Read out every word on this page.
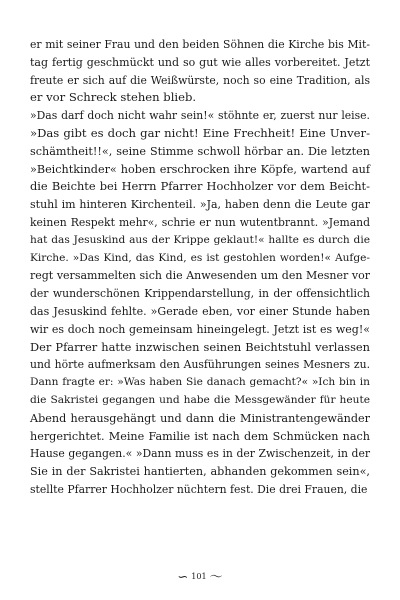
er mit seiner Frau und den beiden Söhnen die Kirche bis Mit-
tag fertig geschmückt und so gut wie alles vorbereitet. Jetzt
freute er sich auf die Weißwürste, noch so eine Tradition, als
er vor Schreck stehen blieb.
»Das darf doch nicht wahr sein!« stöhnte er, zuerst nur leise.
»Das gibt es doch gar nicht! Eine Frechheit! Eine Unver-
schämtheit!!«, seine Stimme schwoll hörbar an. Die letzten
»Beichtkinder« hoben erschrocken ihre Köpfe, wartend auf
die Beichte bei Herrn Pfarrer Hochholzer vor dem Beicht-
stuhl im hinteren Kirchenteil. »Ja, haben denn die Leute gar
keinen Respekt mehr«, schrie er nun wutentbrannt. »Jemand
hat das Jesuskind aus der Krippe geklaut!« hallte es durch die
Kirche. »Das Kind, das Kind, es ist gestohlen worden!« Aufge-
regt versammelten sich die Anwesenden um den Mesner vor
der wunderschönen Krippendarstellung, in der offensichtlich
das Jesuskind fehlte. »Gerade eben, vor einer Stunde haben
wir es doch noch gemeinsam hineingelegt. Jetzt ist es weg!«
Der Pfarrer hatte inzwischen seinen Beichtstuhl verlassen
und hörte aufmerksam den Ausführungen seines Mesners zu.
Dann fragte er: »Was haben Sie danach gemacht?« »Ich bin in
die Sakristei gegangen und habe die Messgewänder für heute
Abend herausgehängt und dann die Ministrantengewänder
hergerichtet. Meine Familie ist nach dem Schmücken nach
Hause gegangen.« »Dann muss es in der Zwischenzeit, in der
Sie in der Sakristei hantierten, abhanden gekommen sein«,
stellte Pfarrer Hochholzer nüchtern fest. Die drei Frauen, die
∽ 101 〜
